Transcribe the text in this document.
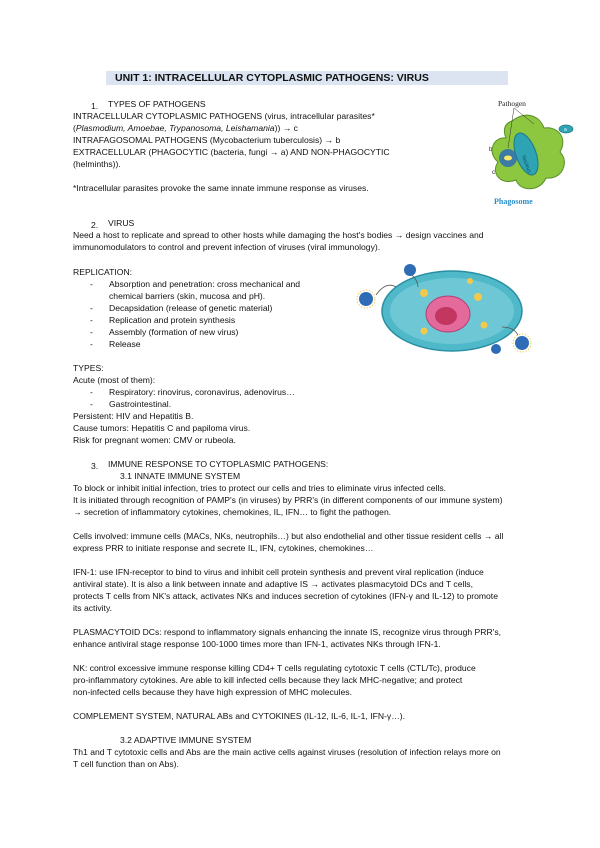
UNIT 1: INTRACELLULAR CYTOPLASMIC PATHOGENS: VIRUS
1. TYPES OF PATHOGENS
INTRACELLULAR CYTOPLASMIC PATHOGENS (virus, intracellular parasites*
(Plasmodium, Amoebae, Trypanosoma, Leishamania)) → c
INTRAFAGOSOMAL PATHOGENS (Mycobacterium tuberculosis) → b
EXTRACELLULAR (PHAGOCYTIC (bacteria, fungi → a) AND NON-PHAGOCYTIC
(helminths)).
*Intracellular parasites provoke the same innate immune response as viruses.
Pathogen
Nucleus
b
c
a
Phagosome
2. VIRUS
Need a host to replicate and spread to other hosts while damaging the host's bodies → design vaccines and
immunomodulators to control and prevent infection of viruses (viral immunology).
REPLICATION:
- Absorption and penetration: cross mechanical and
chemical barriers (skin, mucosa and pH).
- Decapsidation (release of genetic material)
- Replication and protein synthesis
- Assembly (formation of new virus)
- Release
TYPES:
Acute (most of them):
- Respiratory: rinovirus, coronavirus, adenovirus…
- Gastrointestinal.
Persistent: HIV and Hepatitis B.
Cause tumors: Hepatitis C and papiloma virus.
Risk for pregnant women: CMV or rubeola.
3. IMMUNE RESPONSE TO CYTOPLASMIC PATHOGENS:
3.1 INNATE IMMUNE SYSTEM
To block or inhibit initial infection, tries to protect our cells and tries to eliminate virus infected cells.
It is initiated through recognition of PAMP's (in viruses) by PRR's (in different components of our immune system)
→ secretion of inflammatory cytokines, chemokines, IL, IFN… to fight the pathogen.
Cells involved: immune cells (MACs, NKs, neutrophils…) but also endothelial and other tissue resident cells → all
express PRR to initiate response and secrete IL, IFN, cytokines, chemokines…
IFN-1: use IFN-receptor to bind to virus and inhibit cell protein synthesis and prevent viral replication (induce
antiviral state). It is also a link between innate and adaptive IS → activates plasmacytoid DCs and T cells,
protects T cells from NK's attack, activates NKs and induces secretion of cytokines (IFN-γ and IL-12) to promote
its activity.
PLASMACYTOID DCs: respond to inflammatory signals enhancing the innate IS, recognize virus through PRR's,
enhance antiviral stage response 100-1000 times more than IFN-1, activates NKs through IFN-1.
NK: control excessive immune response killing CD4+ T cells regulating cytotoxic T cells (CTL/Tc), produce
pro-inflammatory cytokines. Are able to kill infected cells because they lack MHC-negative; and protect
non-infected cells because they have high expression of MHC molecules.
COMPLEMENT SYSTEM, NATURAL ABs and CYTOKINES (IL-12, IL-6, IL-1, IFN-γ…).
3.2 ADAPTIVE IMMUNE SYSTEM
Th1 and T cytotoxic cells and Abs are the main active cells against viruses (resolution of infection relays more on
T cell function than on Abs).
